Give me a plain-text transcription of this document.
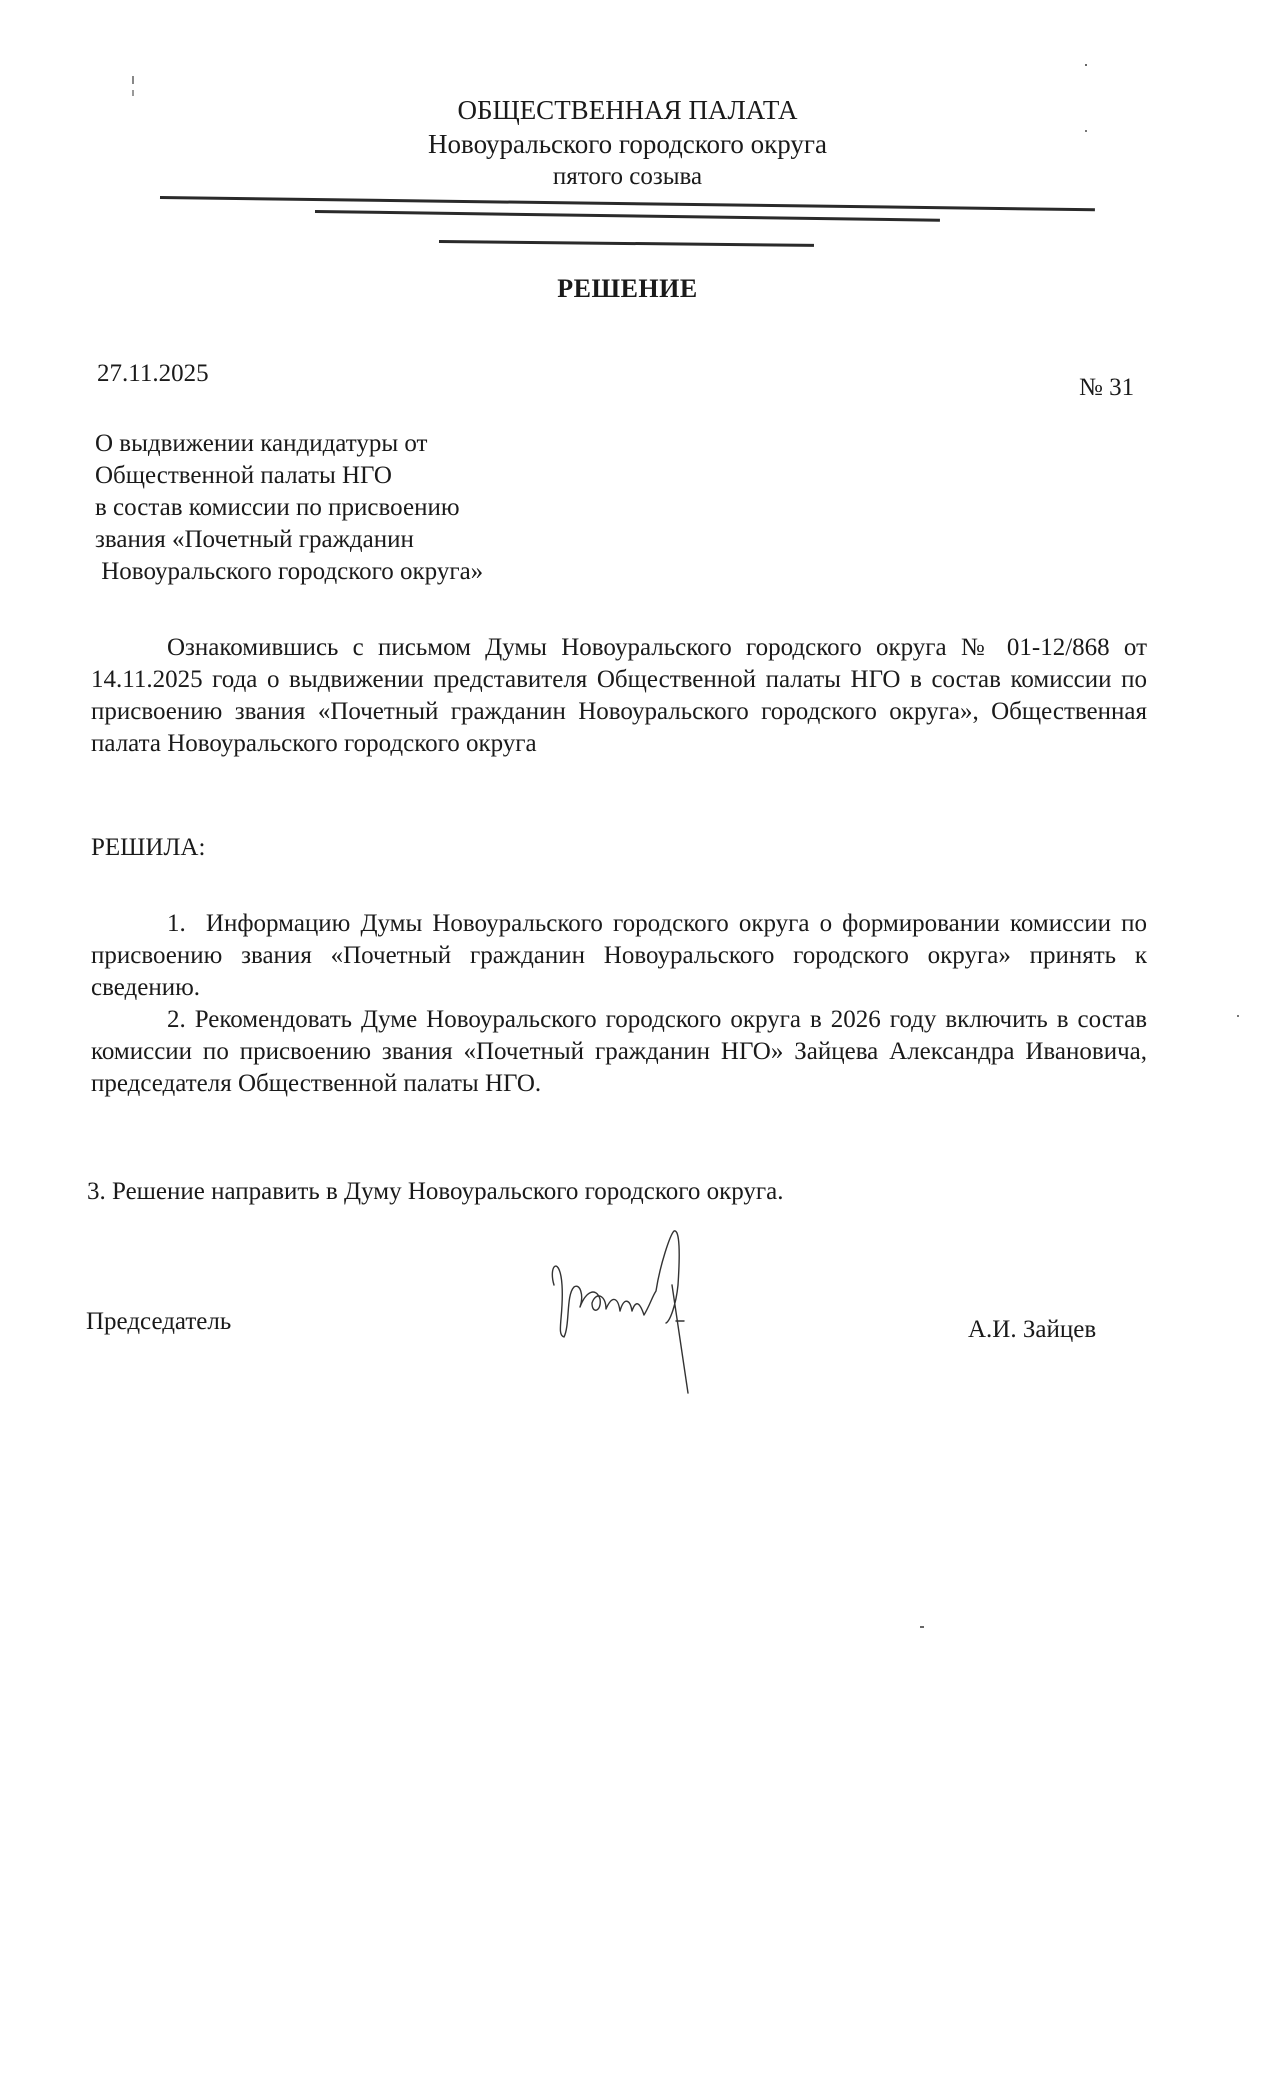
ОБЩЕСТВЕННАЯ ПАЛАТА
Новоуральского городского округа
пятого созыва
РЕШЕНИЕ
27.11.2025
№ 31
О выдвижении кандидатуры от
Общественной палаты НГО
в состав комиссии по присвоению
звания «Почетный гражданин
Новоуральского городского округа»

Ознакомившись с письмом Думы Новоуральского городского округа № 01-12/868 от 14.11.2025 года о выдвижении представителя Общественной палаты НГО в состав комиссии по присвоению звания «Почетный гражданин Новоуральского городского округа», Общественная палата Новоуральского городского округа

РЕШИЛА:

1.  Информацию Думы Новоуральского городского округа о формировании комиссии по присвоению звания «Почетный гражданин Новоуральского городского округа» принять к сведению.

2. Рекомендовать Думе Новоуральского городского округа в 2026 году включить в состав комиссии по присвоению звания «Почетный гражданин НГО» Зайцева Александра Ивановича, председателя Общественной палаты НГО.

3. Решение направить в Думу Новоуральского городского округа.
Председатель	А.И. Зайцев
